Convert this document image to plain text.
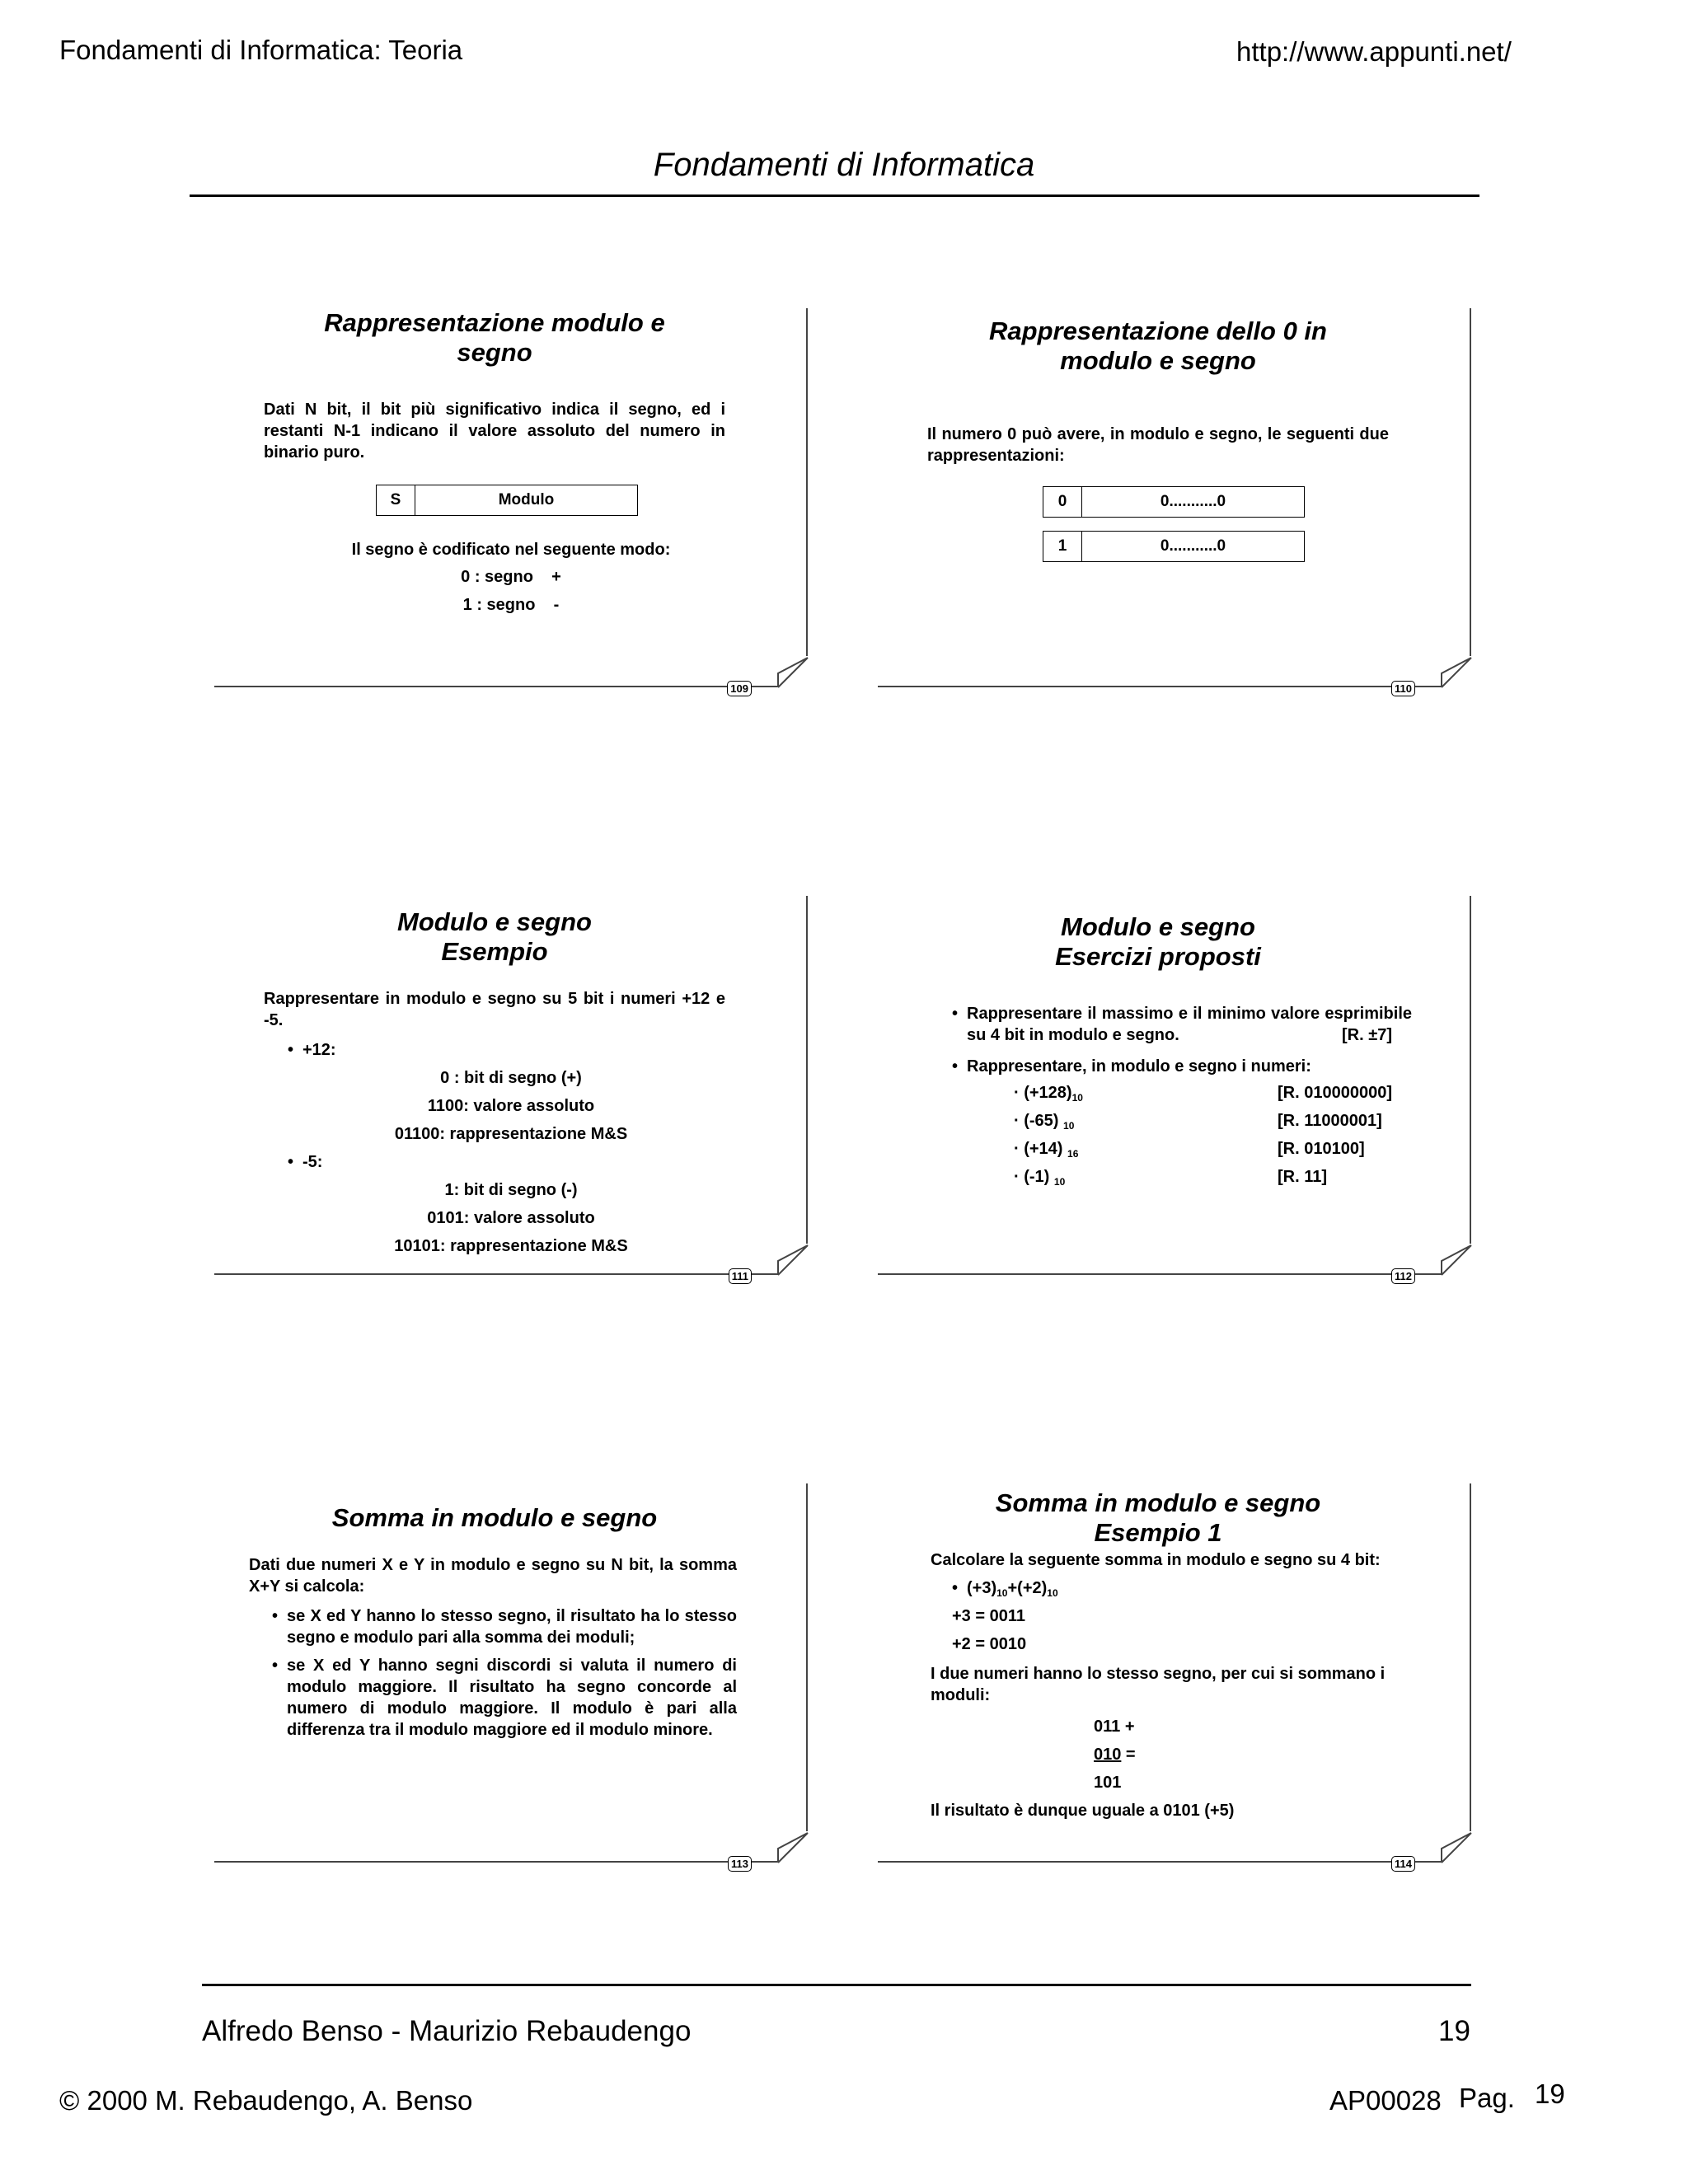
Fondamenti di Informatica: Teoria	http://www.appunti.net/
Fondamenti di Informatica
109
Rappresentazione modulo e
segno
Dati N bit, il bit più significativo indica il segno, ed i restanti N-1 indicano il valore assoluto del numero in binario puro.
S	Modulo
Il segno è codificato nel seguente modo:
0 : segno    +
1 : segno    -
110
Rappresentazione dello 0 in
modulo e segno
Il numero 0 può avere, in modulo e segno, le seguenti due rappresentazioni:
0	0...........0
1	0...........0
111
Modulo e segno
Esempio
Rappresentare in modulo e segno su 5 bit i numeri +12 e -5.
• +12:
0 : bit di segno (+)
1100: valore assoluto
01100: rappresentazione M&S
• -5:
1: bit di segno (-)
0101: valore assoluto
10101: rappresentazione M&S
112
Modulo e segno
Esercizi proposti
• Rappresentare il massimo e il minimo valore esprimibile su 4 bit in modulo e segno.	[R. ±7]
• Rappresentare, in modulo e segno i numeri:
· $(+128)_{10}$	[R. 010000000]
· (-65) $_{10}$	[R. 11000001]
· (+14) $_{16}$	[R. 010100]
· (-1) $_{10}$	[R. 11]
113
Somma in modulo e segno
Dati due numeri X e Y in modulo e segno su N bit, la somma X+Y si calcola:
• se X ed Y hanno lo stesso segno, il risultato ha lo stesso segno e modulo pari alla somma dei moduli;
• se X ed Y hanno segni discordi si valuta il numero di modulo maggiore. Il risultato ha segno concorde al numero di modulo maggiore. Il modulo è pari alla differenza tra il modulo maggiore ed il modulo minore.
114
Somma in modulo e segno
Esempio 1
Calcolare la seguente somma in modulo e segno su 4 bit:
• $(+3)_{10}+(+2)_{10}$
+3 = 0011
+2 = 0010
I due numeri hanno lo stesso segno, per cui si sommano i moduli:
011 +
010 =
101
Il risultato è dunque uguale a 0101 (+5)
Alfredo Benso - Maurizio Rebaudengo	19
© 2000 M. Rebaudengo, A. Benso	AP00028 Pag. 19
